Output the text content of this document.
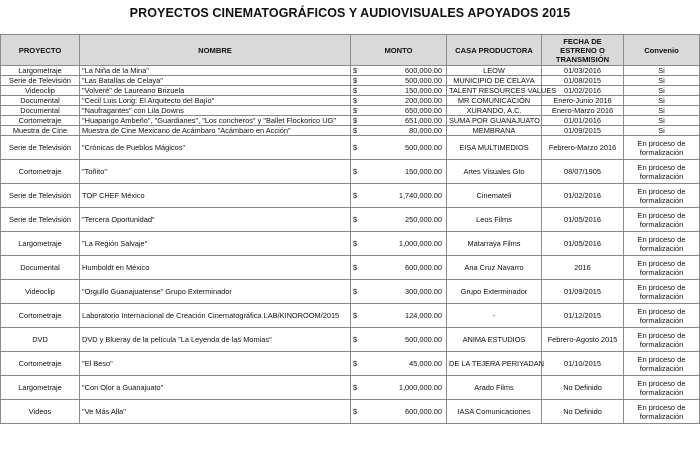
PROYECTOS CINEMATOGRÁFICOS Y AUDIOVISUALES APOYADOS 2015
PROYECTO	NOMBRE	MONTO		CASA PRODUCTORA	FECHA DE ESTRENO O TRANSMISIÓN	Convenio
Largometraje	"La Niña de la Mina"	$	600,000.00	LEOW	01/03/2016	Si
Serie de Televisión	"Las Batallas de Celaya"	$	500,000.00	MUNICIPIO DE CELAYA	01/08/2015	Si
Videoclip	"Volveré" de Laureano Brizuela	$	150,000.00	TALENT RESOURCES VALUES	01/02/2016	Si
Documental	"Cecil Luis Long: El Arquitecto del Bajío"	$	200,000.00	MR COMUNICACIÓN	Enero-Junio 2016	Si
Documental	"Naufragantes" con Lila Downs	$	650,000.00	XURANDO, A.C.	Enero-Marzo 2016	Si
Cortometraje	"Huapango Ambeño", "Guardianes", "Los concheros" y "Ballet Flockorico UG"	$	651,000.00	SUMA POR GUANAJUATO	01/01/2016	Si
Muestra de Cine	Muestra de Cine Mexicano de Acámbaro "Acámbaro en Acción"	$	80,000.00	MEMBRANA	01/09/2015	Si
Serie de Televisión	"Crónicas de Pueblos Mágicos"	$	500,000.00	EISA MULTIMEDIOS	Febrero-Marzo 2016	En proceso de formalización
Cortometraje	"Toñito"	$	150,000.00	Artes Visuales Gto	08/07/1905	En proceso de formalización
Serie de Televisión	TOP CHEF México	$	1,740,000.00	Cinemateli	01/02/2016	En proceso de formalización
Serie de Televisión	"Tercera Oportunidad"	$	250,000.00	Leos Films	01/05/2016	En proceso de formalización
Largometraje	"La Región Salvaje"	$	1,000,000.00	Matarraya Films	01/05/2016	En proceso de formalización
Documental	Humboldt en México	$	600,000.00	Ana Cruz Navarro	2016	En proceso de formalización
Videoclip	"Orgullo Guanajuatense" Grupo Exterminador	$	300,000.00	Grupo Exterminador	01/09/2015	En proceso de formalización
Cortometraje	Laboratorio Internacional de Creación Cinematográfica LAB/KINOROOM/2015	$	124,000.00	-	01/12/2015	En proceso de formalización
DVD	DVD y Blueray de la película "La Leyenda de las Momias"	$	500,000.00	ANIMA ESTUDIOS	Febrero-Agosto 2015	En proceso de formalización
Cortometraje	"El Beso"	$	45,000.00	DE LA TEJERA PERIYADAN	01/10/2015	En proceso de formalización
Largometraje	"Con Olor a Guanajuato"	$	1,000,000.00	Arado Films	No Definido	En proceso de formalización
Videos	"Ve Más Alla"	$	600,000.00	IASA Comunicaciones	No Definido	En proceso de formalización
